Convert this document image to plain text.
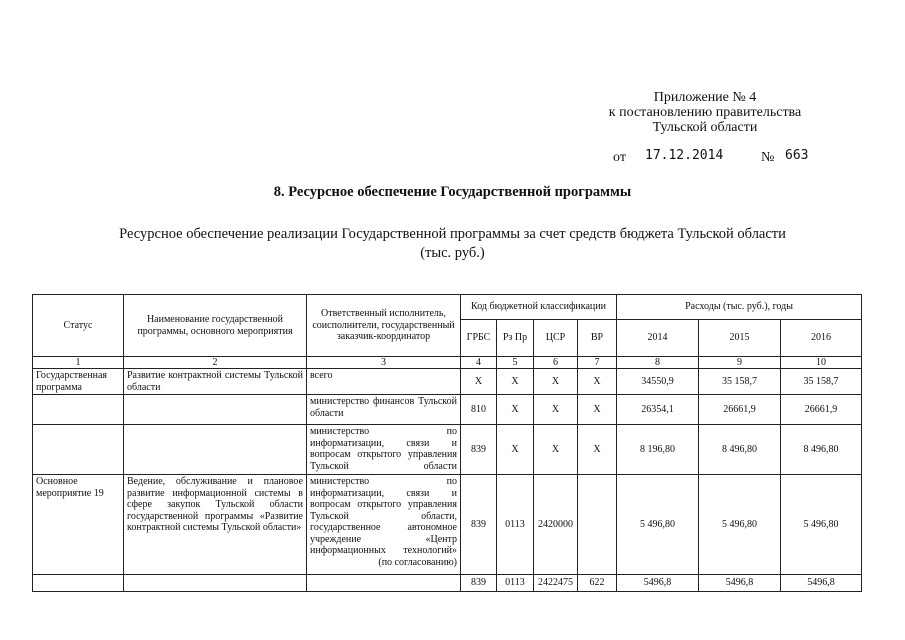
Приложение № 4
к постановлению правительства
Тульской области
от 17.12.2014	№ 663
8. Ресурсное обеспечение Государственной программы
Ресурсное обеспечение реализации Государственной программы за счет средств бюджета Тульской области
(тыс. руб.)
Статус	Наименование государственной программы, основного мероприятия	Ответственный исполнитель, соисполнители, государственный заказчик-координатор	Код бюджетной классификации				Расходы (тыс. руб.), годы		
			ГРБС	Рз Пр	ЦСР	ВР	2014	2015	2016
1	2	3	4	5	6	7	8	9	10
Государственная программа	Развитие контрактной системы Тульской области	всего	Х	Х	Х	Х	34550,9	35 158,7	35 158,7
		министерство финансов Тульской области	810	Х	Х	Х	26354,1	26661,9	26661,9
		министерство по информатизации, связи и вопросам открытого управления Тульской области	839	Х	Х	Х	8 196,80	8 496,80	8 496,80
Основное мероприятие 19	Ведение, обслуживание и плановое развитие информационной системы в сфере закупок Тульской области государственной программы «Развитие контрактной системы Тульской области»	министерство по информатизации, связи и вопросам открытого управления Тульской области, государственное автономное учреждение «Центр информационных технологий» (по согласованию)	839	0113	2420000		5 496,80	5 496,80	5 496,80
			839	0113	2422475	622	5496,8	5496,8	5496,8
